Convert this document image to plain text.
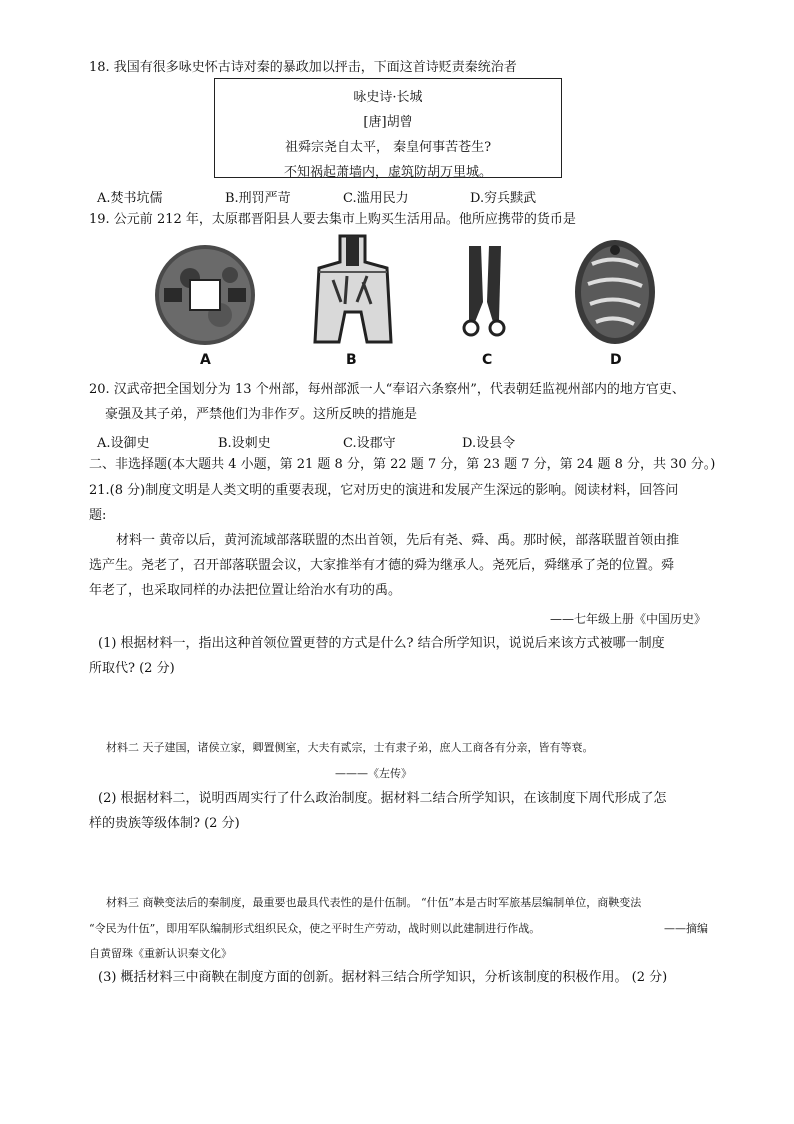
18. 我国有很多咏史怀古诗对秦的暴政加以抨击，下面这首诗贬责秦统治者
咏史诗·长城
[唐]胡曾
祖舜宗尧自太平， 秦皇何事苦苍生?
不知祸起萧墙内，虚筑防胡万里城。
A.焚书坑儒	B.刑罚严苛	C.滥用民力	D.穷兵黩武
19. 公元前 212 年，太原郡晋阳县人要去集市上购买生活用品。他所应携带的货币是
A	B	C	D
20. 汉武帝把全国划分为 13 个州部，每州部派一人“奉诏六条察州”，代表朝廷监视州部内的地方官吏、
豪强及其子弟，严禁他们为非作歹。这所反映的措施是
A.设御史	B.设刺史	C.设郡守	D.设县令
二、非选择题(本大题共 4 小题，第 21 题 8 分，第 22 题 7 分，第 23 题 7 分，第 24 题 8 分，共 30 分。)
21.(8 分)制度文明是人类文明的重要表现，它对历史的演进和发展产生深远的影响。阅读材料，回答问
题:
材料一 黄帝以后，黄河流域部落联盟的杰出首领，先后有尧、舜、禹。那时候，部落联盟首领由推
选产生。尧老了，召开部落联盟会议，大家推举有才德的舜为继承人。尧死后，舜继承了尧的位置。舜
年老了，也采取同样的办法把位置让给治水有功的禹。
——七年级上册《中国历史》
(1) 根据材料一，指出这种首领位置更替的方式是什么? 结合所学知识，说说后来该方式被哪一制度
所取代? (2 分)
材料二 天子建国，诸侯立家，卿置侧室，大夫有贰宗，士有隶子弟，庶人工商各有分亲，皆有等衰。
———《左传》
(2) 根据材料二，说明西周实行了什么政治制度。据材料二结合所学知识，在该制度下周代形成了怎
样的贵族等级体制? (2 分)
材料三 商鞅变法后的秦制度，最重要也最具代表性的是什伍制。 “什伍”本是古时军旅基层编制单位，商鞅变法
“令民为什伍”，即用军队编制形式组织民众，使之平时生产劳动，战时则以此建制进行作战。	——摘编
自黄留珠《重新认识秦文化》
(3) 概括材料三中商鞅在制度方面的创新。据材料三结合所学知识，分析该制度的积极作用。 (2 分)
